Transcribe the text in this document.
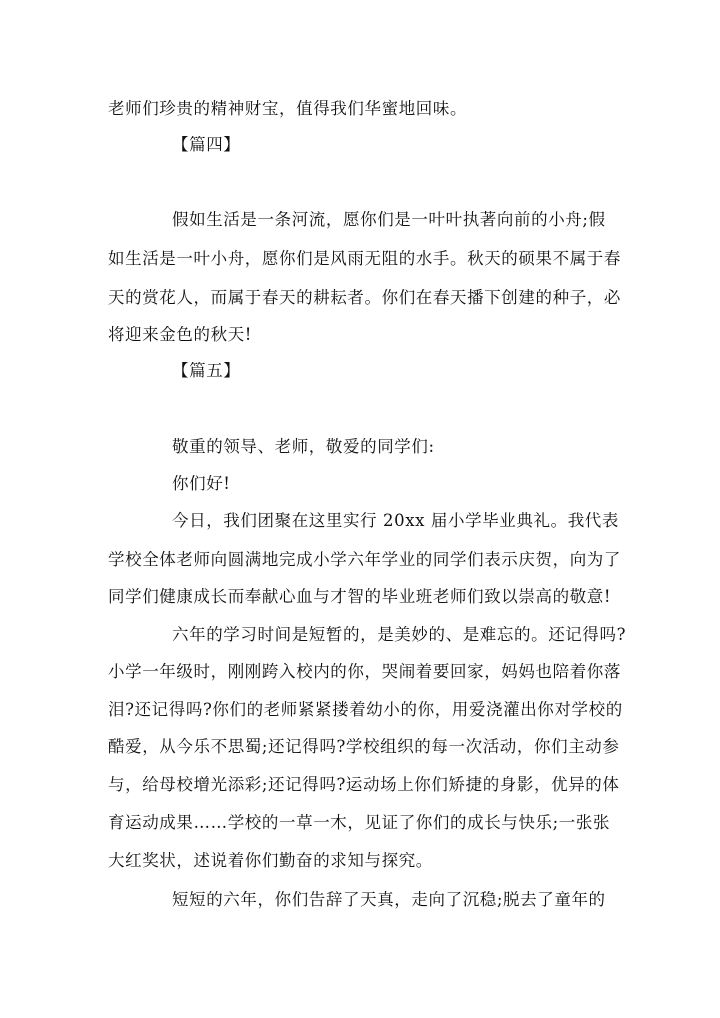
老师们珍贵的精神财宝，值得我们华蜜地回味。
【篇四】
假如生活是一条河流，愿你们是一叶叶执著向前的小舟;假
如生活是一叶小舟，愿你们是风雨无阻的水手。秋天的硕果不属于春
天的赏花人，而属于春天的耕耘者。你们在春天播下创建的种子，必
将迎来金色的秋天!
【篇五】
敬重的领导、老师，敬爱的同学们:
你们好!
今日，我们团聚在这里实行 20xx 届小学毕业典礼。我代表
学校全体老师向圆满地完成小学六年学业的同学们表示庆贺，向为了
同学们健康成长而奉献心血与才智的毕业班老师们致以崇高的敬意!
六年的学习时间是短暂的，是美妙的、是难忘的。还记得吗?
小学一年级时，刚刚跨入校内的你，哭闹着要回家，妈妈也陪着你落
泪?还记得吗?你们的老师紧紧搂着幼小的你，用爱浇灌出你对学校的
酷爱，从今乐不思蜀;还记得吗?学校组织的每一次活动，你们主动参
与，给母校增光添彩;还记得吗?运动场上你们矫捷的身影，优异的体
育运动成果……学校的一草一木，见证了你们的成长与快乐;一张张
大红奖状，述说着你们勤奋的求知与探究。
短短的六年，你们告辞了天真，走向了沉稳;脱去了童年的
